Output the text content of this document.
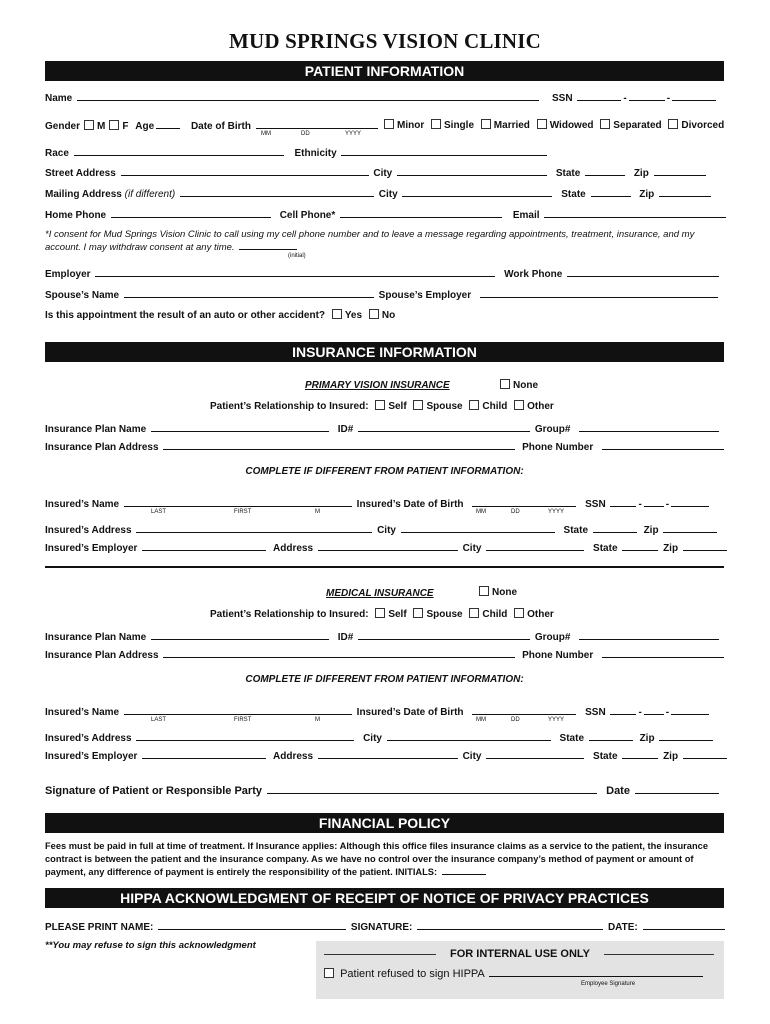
MUD SPRINGS VISION CLINIC
PATIENT INFORMATION
Name	SSN	-	-
Gender M F Age	Date of Birth
MM	DD	YYYY
Minor Single Married Widowed Separated Divorced
Race	Ethnicity
Street Address	City	State	Zip
Mailing Address (if different)	City	State	Zip
Home Phone	Cell Phone*	Email
*I consent for Mud Springs Vision Clinic to call using my cell phone number and to leave a message regarding appointments, treatment, insurance, and my account. I may withdraw consent at any time.
(initial)
Employer	Work Phone
Spouse’s Name	Spouse’s Employer
Is this appointment the result of an auto or other accident? Yes No
INSURANCE INFORMATION
PRIMARY VISION INSURANCE	None
Patient’s Relationship to Insured: Self Spouse Child Other
Insurance Plan Name	ID#	Group#
Insurance Plan Address	Phone Number
COMPLETE IF DIFFERENT FROM PATIENT INFORMATION:
Insured’s Name	Insured’s Date of Birth	SSN	- -
LAST	FIRST	M	MM	DD	YYYY
Insured’s Address	City	State	Zip
Insured’s Employer	Address	City	State	Zip
MEDICAL INSURANCE	None
Patient’s Relationship to Insured: Self Spouse Child Other
Insurance Plan Name	ID#	Group#
Insurance Plan Address	Phone Number
COMPLETE IF DIFFERENT FROM PATIENT INFORMATION:
Insured’s Name	Insured’s Date of Birth	SSN	- -
LAST	FIRST	M	MM	DD	YYYY
Insured’s Address	City	State	Zip
Insured’s Employer	Address	City	State	Zip
Signature of Patient or Responsible Party	Date
FINANCIAL POLICY
Fees must be paid in full at time of treatment. If Insurance applies: Although this office files insurance claims as a service to the patient, the insurance contract is between the patient and the insurance company. As we have no control over the insurance company’s method of payment or amount of payment, any difference of payment is entirely the responsibility of the patient. INITIALS:
HIPPA ACKNOWLEDGMENT OF RECEIPT OF NOTICE OF PRIVACY PRACTICES
PLEASE PRINT NAME:	SIGNATURE:	DATE:
**You may refuse to sign this acknowledgment
FOR INTERNAL USE ONLY
Patient refused to sign HIPPA
Employee Signature
